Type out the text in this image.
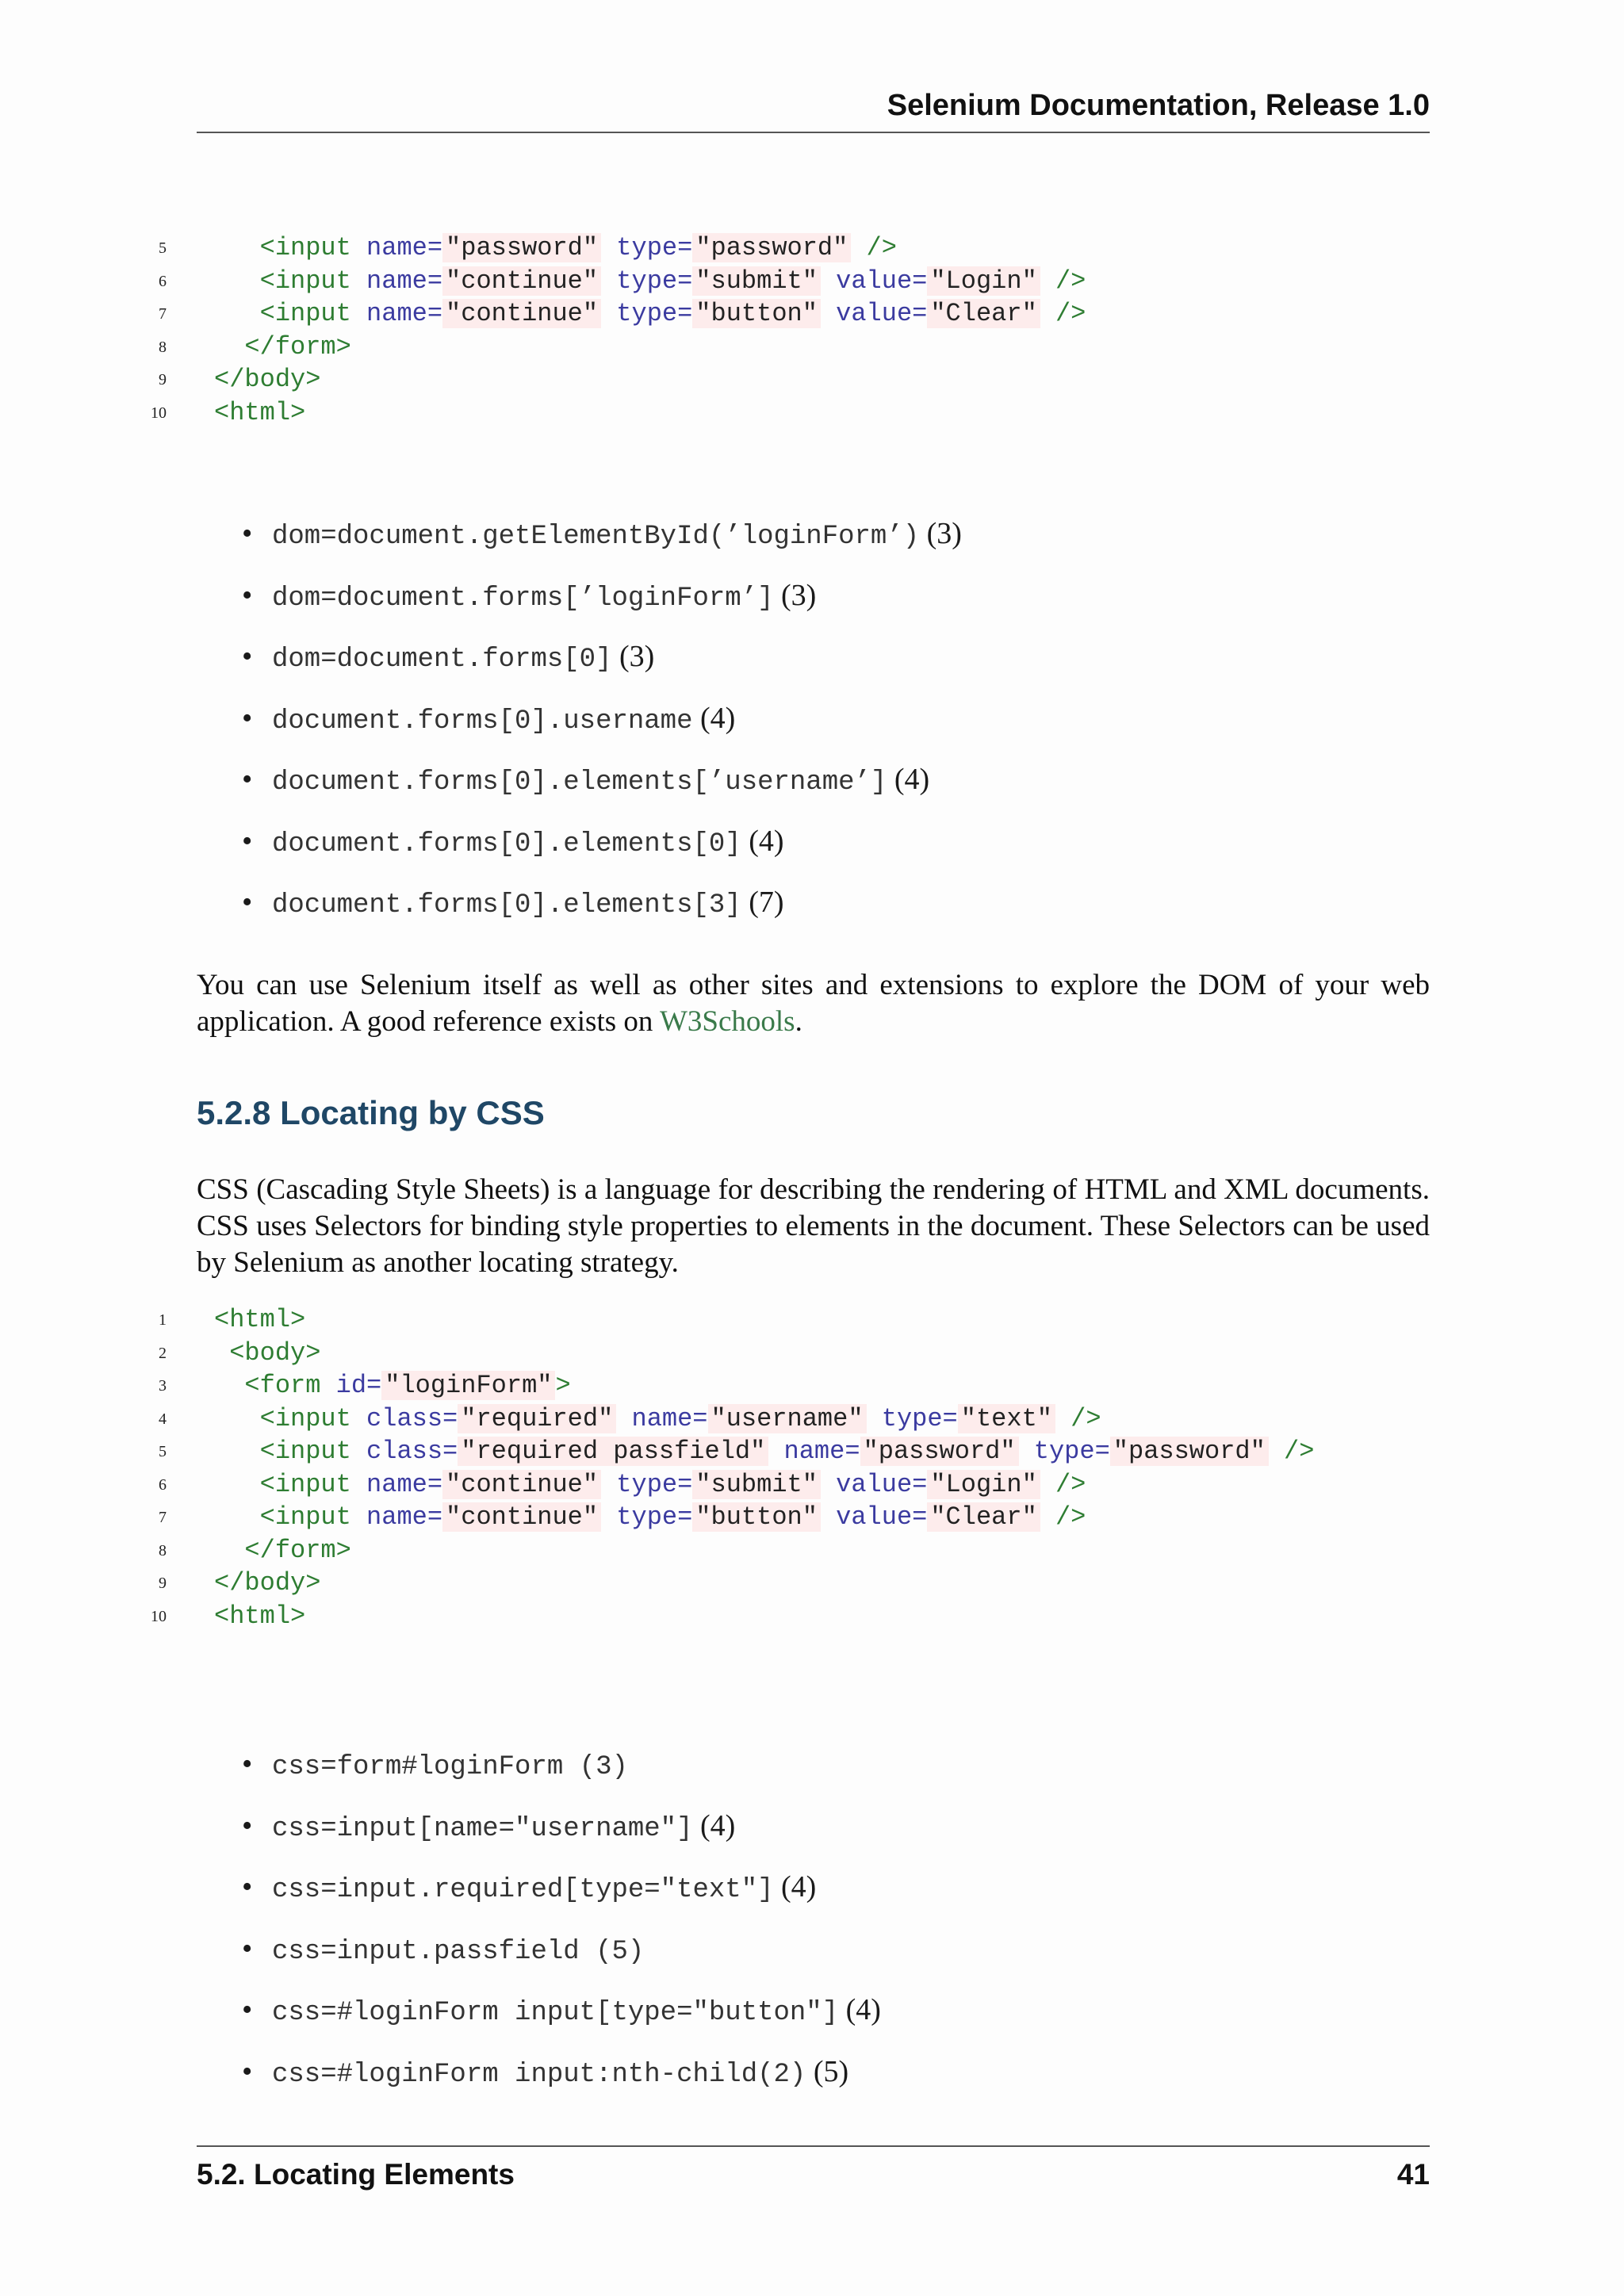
Selenium Documentation, Release 1.0
5	<input name= "password" type= "password" />
6	<input name= "continue" type= "submit" value= "Login" />
7	<input name= "continue" type= "button" value= "Clear" />
8	</form>
9 </body>
10 <html>
• dom=document.getElementById(’loginForm’) (3)
• dom=document.forms[’loginForm’] (3)
• dom=document.forms[0] (3)
• document.forms[0].username (4)
• document.forms[0].elements[’username’] (4)
• document.forms[0].elements[0] (4)
• document.forms[0].elements[3] (7)
You can use Selenium itself as well as other sites and extensions to explore the DOM of your web application. A good reference exists on W3Schools.
5.2.8 Locating by CSS
CSS (Cascading Style Sheets) is a language for describing the rendering of HTML and XML documents. CSS uses Selectors for binding style properties to elements in the document. These Selectors can be used by Selenium as another locating strategy.
1 <html>
2	<body>
3	<form id= "loginForm" >
4	<input class= "required" name= "username" type= "text" />
5	<input class= "required passfield" name= "password" type= "password" />
6	<input name= "continue" type= "submit" value= "Login" />
7	<input name= "continue" type= "button" value= "Clear" />
8	</form>
9 </body>
10 <html>
• css=form#loginForm (3)
• css=input[name="username"] (4)
• css=input.required[type="text"] (4)
• css=input.passfield (5)
• css=#loginForm input[type="button"] (4)
• css=#loginForm input:nth-child(2) (5)
5.2. Locating Elements	41
